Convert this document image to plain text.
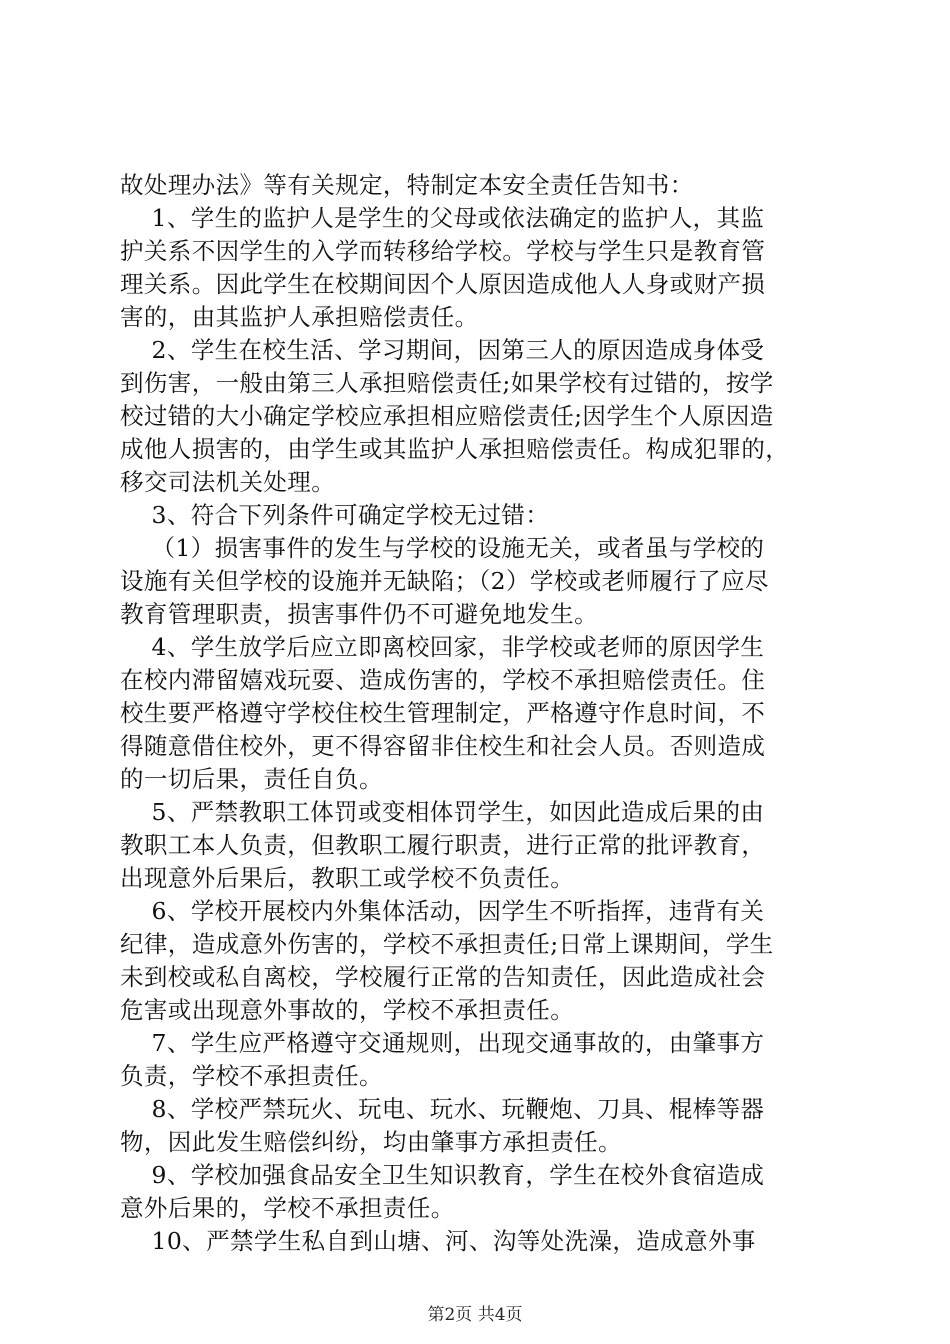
故处理办法》等有关规定，特制定本安全责任告知书：
1、学生的监护人是学生的父母或依法确定的监护人，其监
护关系不因学生的入学而转移给学校。学校与学生只是教育管
理关系。因此学生在校期间因个人原因造成他人人身或财产损
害的，由其监护人承担赔偿责任。
2、学生在校生活、学习期间，因第三人的原因造成身体受
到伤害，一般由第三人承担赔偿责任;如果学校有过错的，按学
校过错的大小确定学校应承担相应赔偿责任;因学生个人原因造
成他人损害的，由学生或其监护人承担赔偿责任。构成犯罪的，
移交司法机关处理。
3、符合下列条件可确定学校无过错：
（1）损害事件的发生与学校的设施无关，或者虽与学校的
设施有关但学校的设施并无缺陷；（2）学校或老师履行了应尽
教育管理职责，损害事件仍不可避免地发生。
4、学生放学后应立即离校回家，非学校或老师的原因学生
在校内滞留嬉戏玩耍、造成伤害的，学校不承担赔偿责任。住
校生要严格遵守学校住校生管理制定，严格遵守作息时间，不
得随意借住校外，更不得容留非住校生和社会人员。否则造成
的一切后果，责任自负。
5、严禁教职工体罚或变相体罚学生，如因此造成后果的由
教职工本人负责，但教职工履行职责，进行正常的批评教育，
出现意外后果后，教职工或学校不负责任。
6、学校开展校内外集体活动，因学生不听指挥，违背有关
纪律，造成意外伤害的，学校不承担责任;日常上课期间，学生
未到校或私自离校，学校履行正常的告知责任，因此造成社会
危害或出现意外事故的，学校不承担责任。
7、学生应严格遵守交通规则，出现交通事故的，由肇事方
负责，学校不承担责任。
8、学校严禁玩火、玩电、玩水、玩鞭炮、刀具、棍棒等器
物，因此发生赔偿纠纷，均由肇事方承担责任。
9、学校加强食品安全卫生知识教育，学生在校外食宿造成
意外后果的，学校不承担责任。
10、严禁学生私自到山塘、河、沟等处洗澡，造成意外事
第2页 共4页
